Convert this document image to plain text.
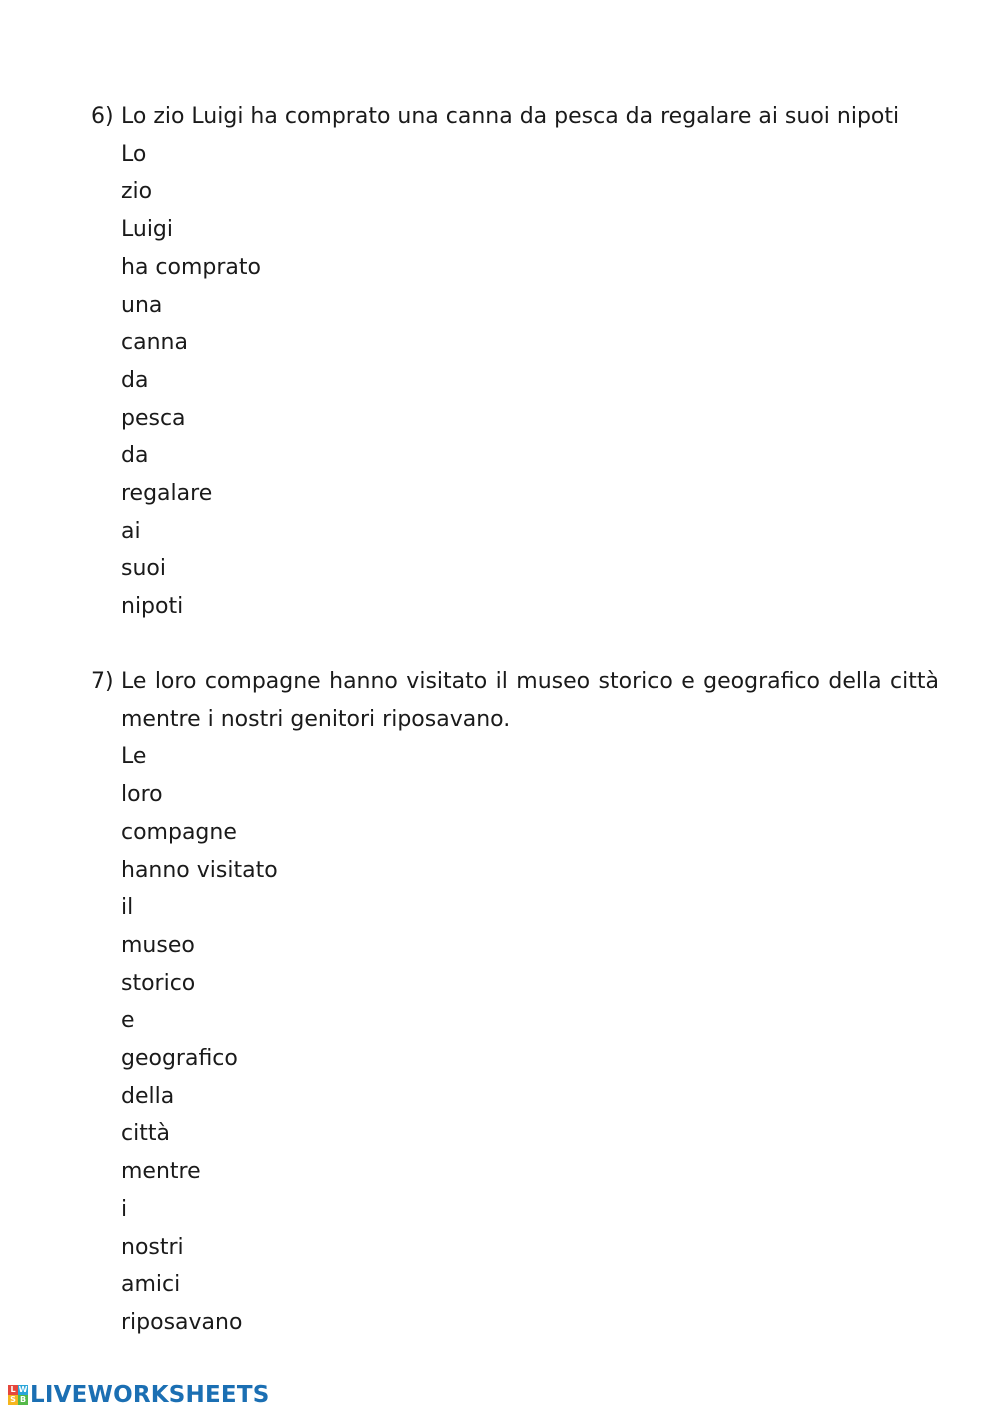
6) Lo zio Luigi ha comprato una canna da pesca da regalare ai suoi nipoti
Lo
zio
Luigi
ha comprato
una
canna
da
pesca
da
regalare
ai
suoi
nipoti
7) Le loro compagne hanno visitato il museo storico e geografico della città mentre i nostri genitori riposavano.
Le
loro
compagne
hanno visitato
il
museo
storico
e
geografico
della
città
mentre
i
nostri
amici
riposavano
L W
S B LIVEWORKSHEETS
